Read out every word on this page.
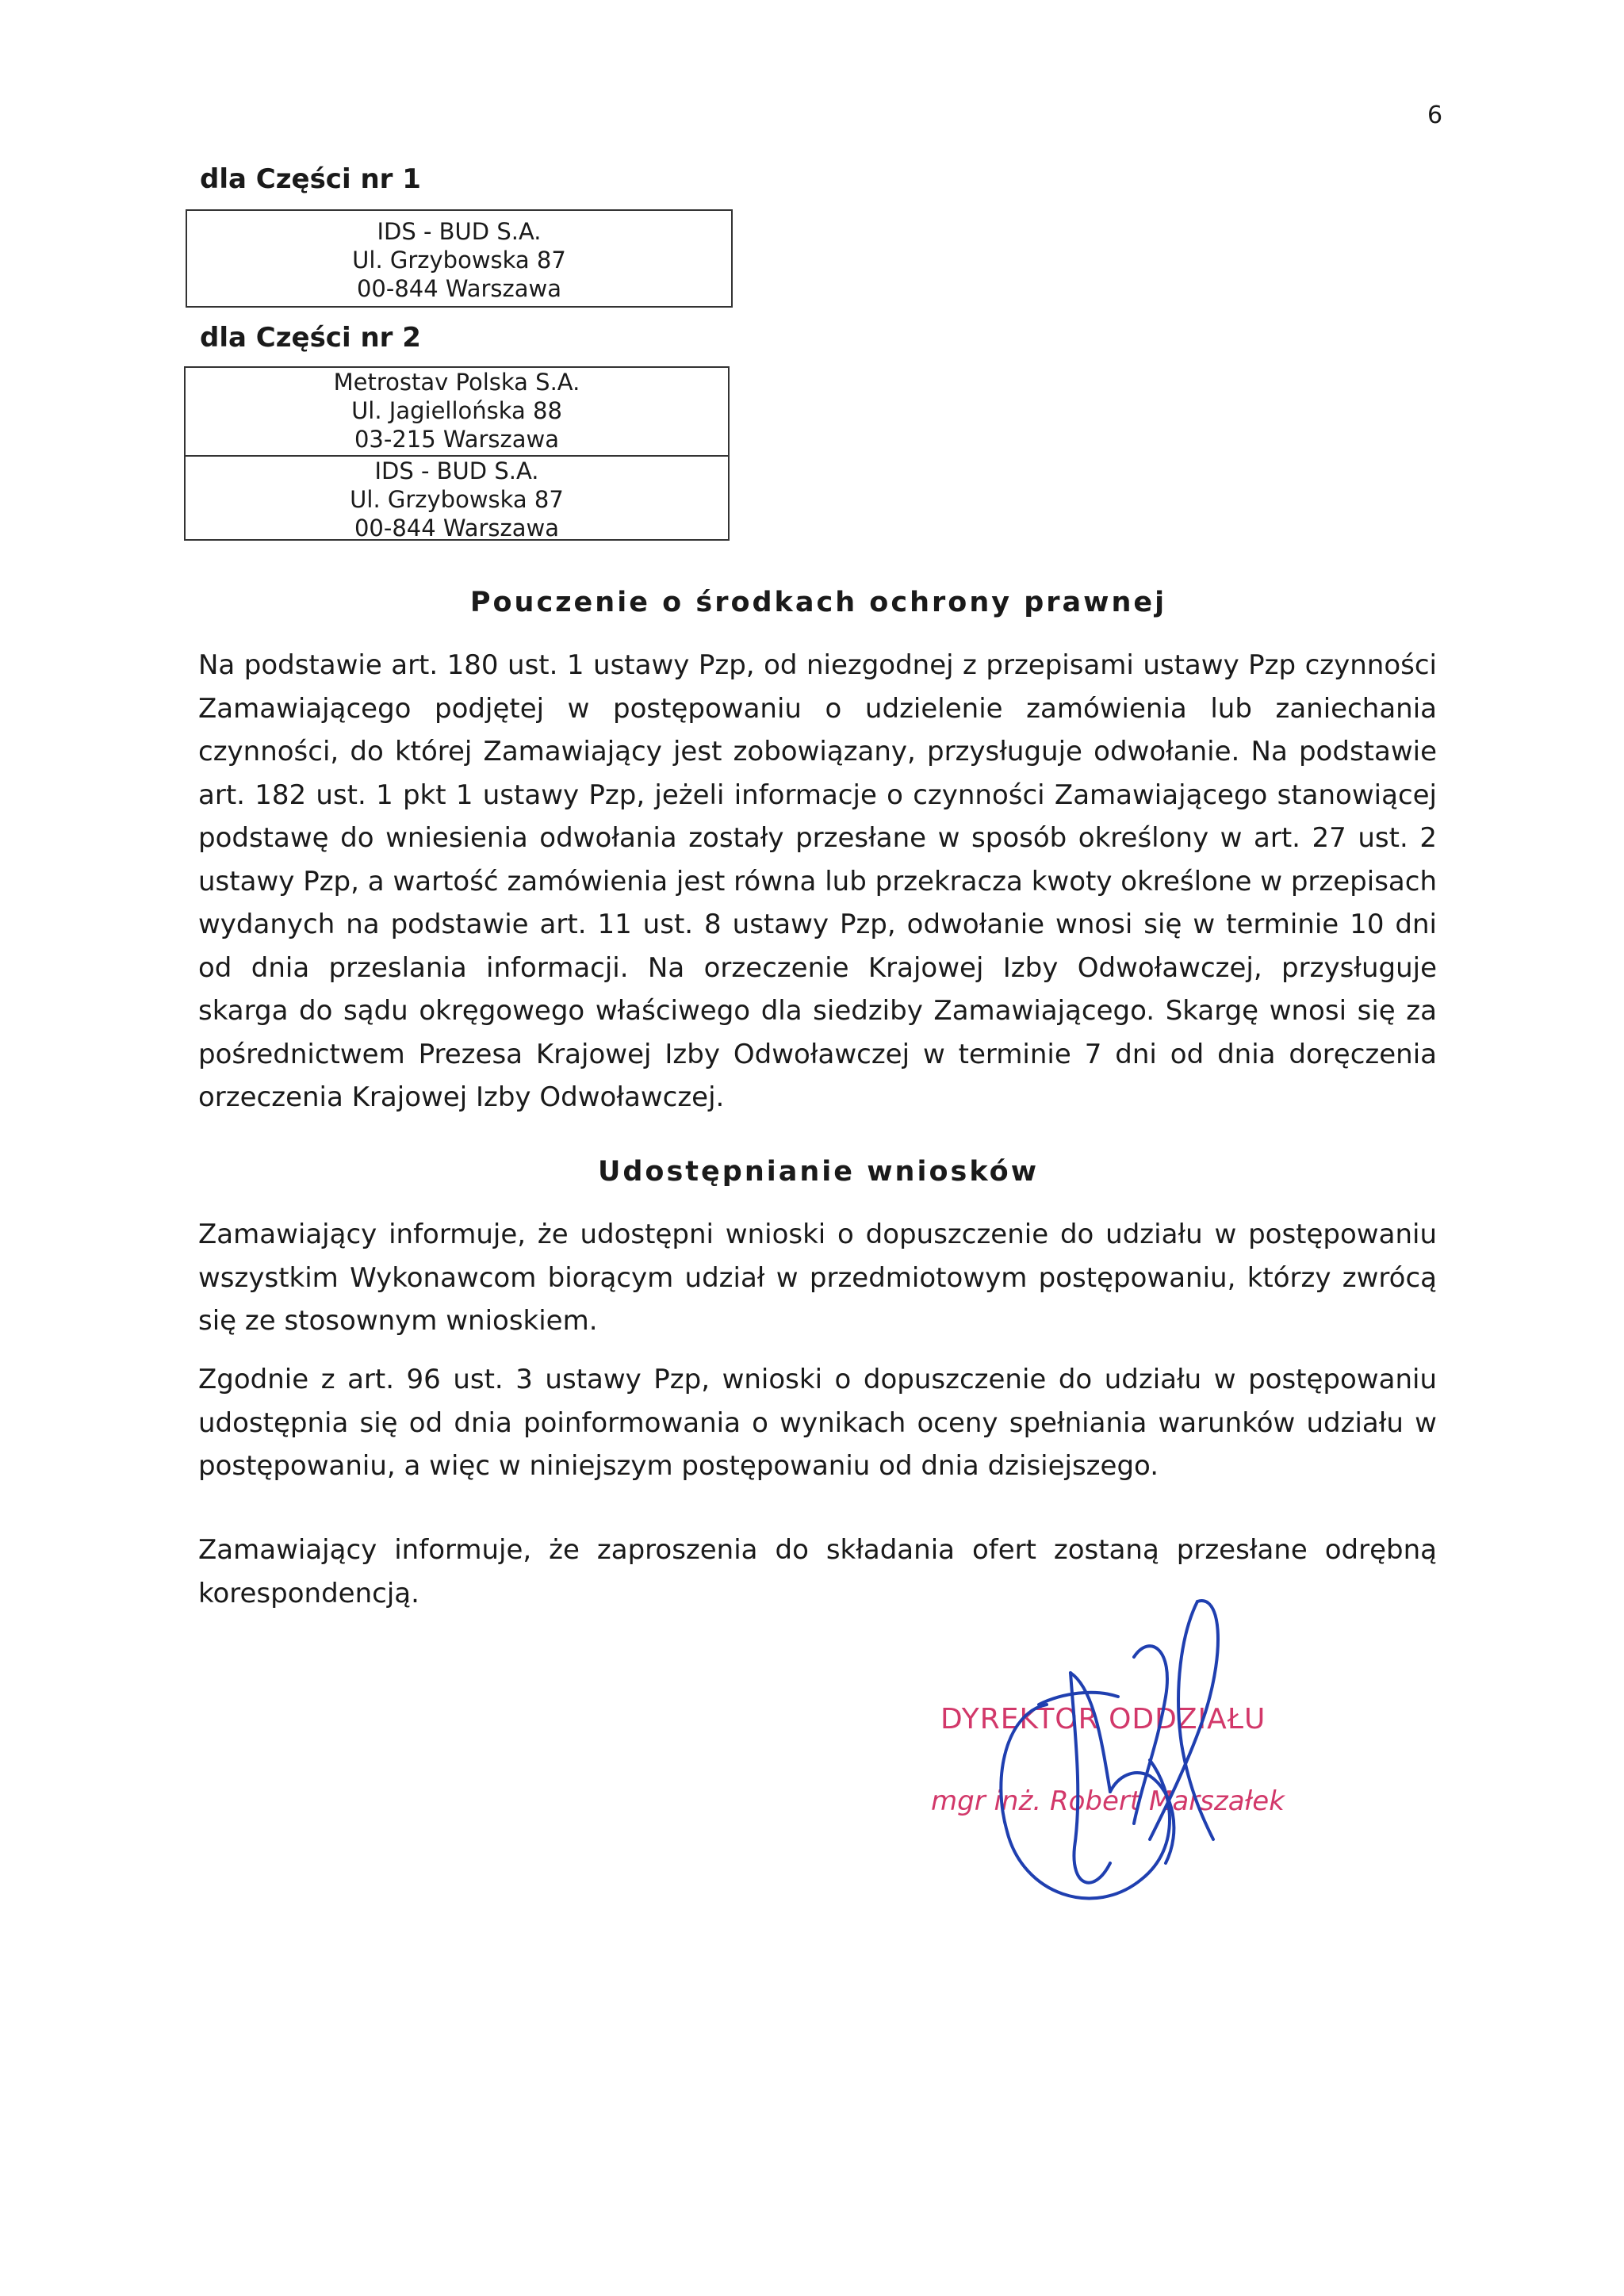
6
dla Części nr 1
IDS - BUD S.A.
Ul. Grzybowska 87
00-844 Warszawa
dla Części nr 2
Metrostav Polska S.A.
Ul. Jagiellońska 88
03-215 Warszawa
IDS - BUD S.A.
Ul. Grzybowska 87
00-844 Warszawa
Pouczenie o środkach ochrony prawnej

Na podstawie art. 180 ust. 1 ustawy Pzp, od niezgodnej z przepisami ustawy Pzp czynności Zamawiającego podjętej w postępowaniu o udzielenie zamówienia lub zaniechania czynności, do której Zamawiający jest zobowiązany, przysługuje odwołanie. Na podstawie art. 182 ust. 1 pkt 1 ustawy Pzp, jeżeli informacje o czynności Zamawiającego stanowiącej podstawę do wniesienia odwołania zostały przesłane w sposób określony w art. 27 ust. 2 ustawy Pzp, a wartość zamówienia jest równa lub przekracza kwoty określone w przepisach wydanych na podstawie art. 11 ust. 8 ustawy Pzp, odwołanie wnosi się w terminie 10 dni od dnia przeslania informacji. Na orzeczenie Krajowej Izby Odwoławczej, przysługuje skarga do sądu okręgowego właściwego dla siedziby Zamawiającego. Skargę wnosi się za pośrednictwem Prezesa Krajowej Izby Odwoławczej w terminie 7 dni od dnia doręczenia orzeczenia Krajowej Izby Odwoławczej.

Udostępnianie wniosków

Zamawiający informuje, że udostępni wnioski o dopuszczenie do udziału w postępowaniu wszystkim Wykonawcom biorącym udział w przedmiotowym postępowaniu, którzy zwrócą się ze stosownym wnioskiem.

Zgodnie z art. 96 ust. 3 ustawy Pzp, wnioski o dopuszczenie do udziału w postępowaniu udostępnia się od dnia poinformowania o wynikach oceny spełniania warunków udziału w postępowaniu, a więc w niniejszym postępowaniu od dnia dzisiejszego.

Zamawiający informuje, że zaproszenia do składania ofert zostaną przesłane odrębną korespondencją.

DYREKTOR ODDZIAŁU
mgr inż. Robert Marszałek
